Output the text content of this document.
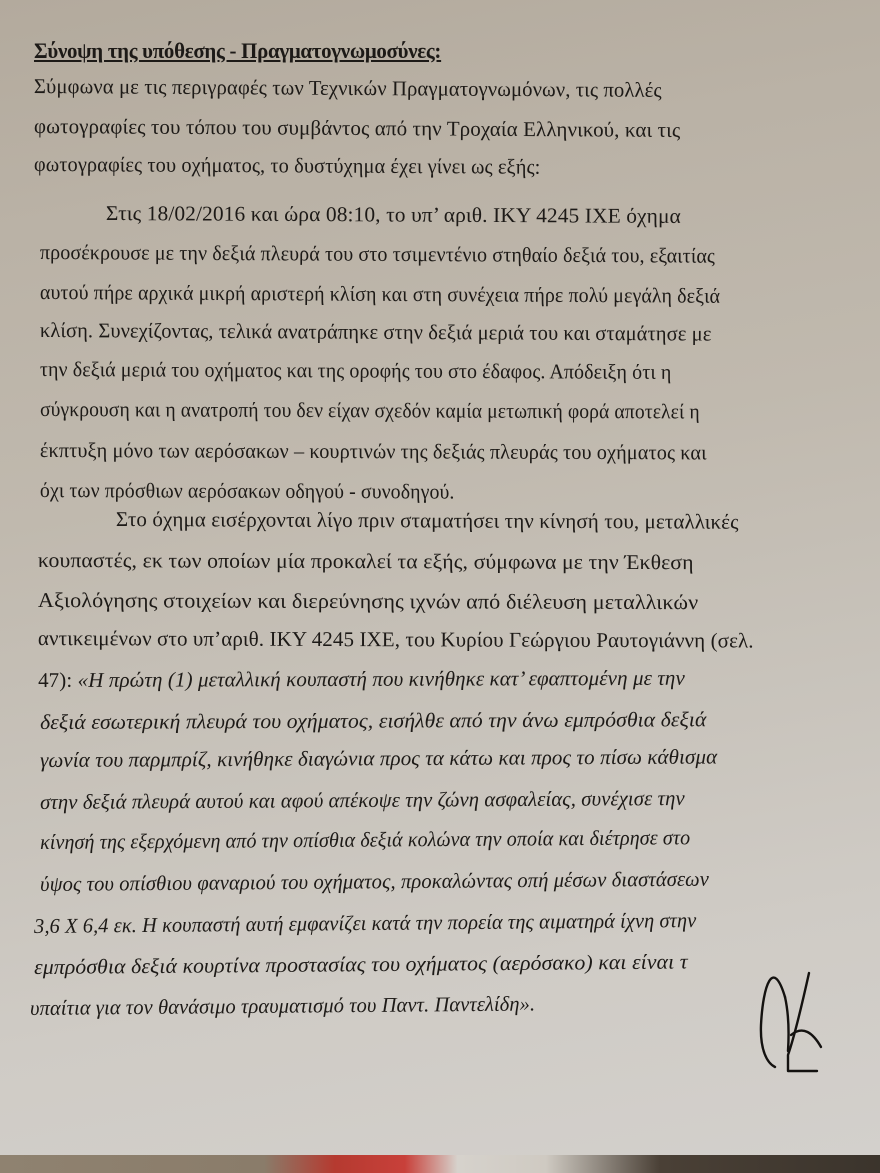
Σύνοψη της υπόθεσης - Πραγματογνωμοσύνες:
Σύμφωνα με τις περιγραφές των Τεχνικών Πραγματογνωμόνων, τις πολλές
φωτογραφίες του τόπου του συμβάντος από την Τροχαία Ελληνικού, και τις
φωτογραφίες του οχήματος, το δυστύχημα έχει γίνει ως εξής:
Στις 18/02/2016 και ώρα 08:10, το υπ’ αριθ. ΙΚΥ 4245 ΙΧΕ όχημα
προσέκρουσε με την δεξιά πλευρά του στο τσιμεντένιο στηθαίο δεξιά του, εξαιτίας
αυτού πήρε αρχικά μικρή αριστερή κλίση και στη συνέχεια πήρε πολύ μεγάλη δεξιά
κλίση. Συνεχίζοντας, τελικά ανατράπηκε στην δεξιά μεριά του και σταμάτησε με
την δεξιά μεριά του οχήματος και της οροφής του στο έδαφος. Απόδειξη ότι η
σύγκρουση και η ανατροπή του δεν είχαν σχεδόν καμία μετωπική φορά αποτελεί η
έκπτυξη μόνο των αερόσακων – κουρτινών της δεξιάς πλευράς του οχήματος και
όχι των πρόσθιων αερόσακων οδηγού - συνοδηγού.
Στο όχημα εισέρχονται λίγο πριν σταματήσει την κίνησή του, μεταλλικές
κουπαστές, εκ των οποίων μία προκαλεί τα εξής, σύμφωνα με την Έκθεση
Αξιολόγησης στοιχείων και διερεύνησης ιχνών από διέλευση μεταλλικών
αντικειμένων στο υπ’αριθ. ΙΚΥ 4245 ΙΧΕ, του Κυρίου Γεώργιου Ραυτογιάννη (σελ.
47): «Η πρώτη (1) μεταλλική κουπαστή που κινήθηκε κατ’ εφαπτομένη με την
δεξιά εσωτερική πλευρά του οχήματος, εισήλθε από την άνω εμπρόσθια δεξιά
γωνία του παρμπρίζ, κινήθηκε διαγώνια προς τα κάτω και προς το πίσω κάθισμα
στην δεξιά πλευρά αυτού και αφού απέκοψε την ζώνη ασφαλείας, συνέχισε την
κίνησή της εξερχόμενη από την οπίσθια δεξιά κολώνα την οποία και διέτρησε στο
ύψος του οπίσθιου φαναριού του οχήματος, προκαλώντας οπή μέσων διαστάσεων
3,6 Χ 6,4 εκ. Η κουπαστή αυτή εμφανίζει κατά την πορεία της αιματηρά ίχνη στην
εμπρόσθια δεξιά κουρτίνα προστασίας του οχήματος (αερόσακο) και είναι τ
υπαίτια για τον θανάσιμο τραυματισμό του Παντ. Παντελίδη».
